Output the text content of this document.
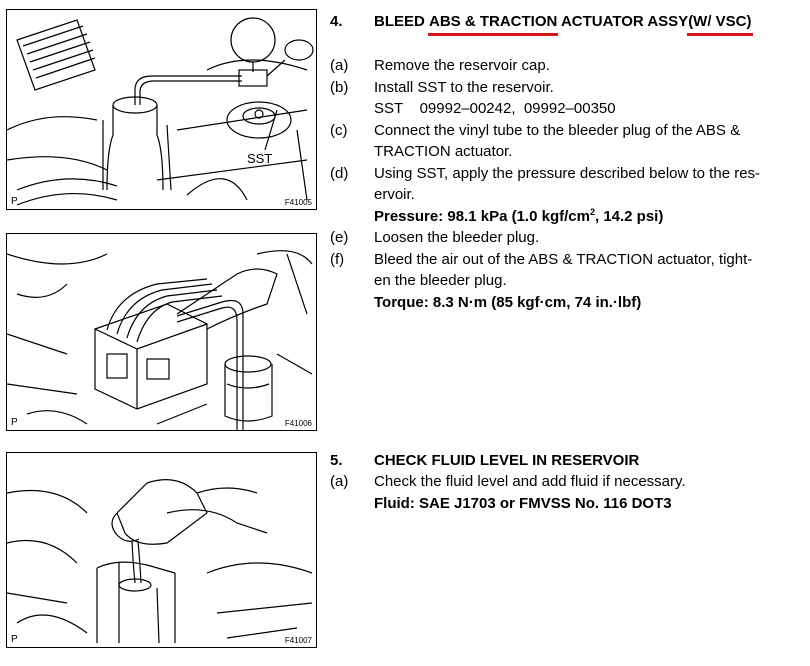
SST
P	F41005
P	F41006
P	F41007
4. BLEED ABS & TRACTION ACTUATOR ASSY(W/ VSC)
(a) Remove the reservoir cap.
(b) Install SST to the reservoir.
SST    09992–00242,  09992–00350
(c) Connect the vinyl tube to the bleeder plug of the ABS &
TRACTION actuator.
(d) Using SST, apply the pressure described below to the res-
ervoir.
Pressure: 98.1 kPa (1.0 kgf/$cm^2$, 14.2 psi)
(e) Loosen the bleeder plug.
(f) Bleed the air out of the ABS & TRACTION actuator, tight-
en the bleeder plug.
Torque: 8.3 N·m (85 kgf·cm, 74 in.·lbf)
5. CHECK FLUID LEVEL IN RESERVOIR
(a) Check the fluid level and add fluid if necessary.
Fluid: SAE J1703 or FMVSS No. 116 DOT3
